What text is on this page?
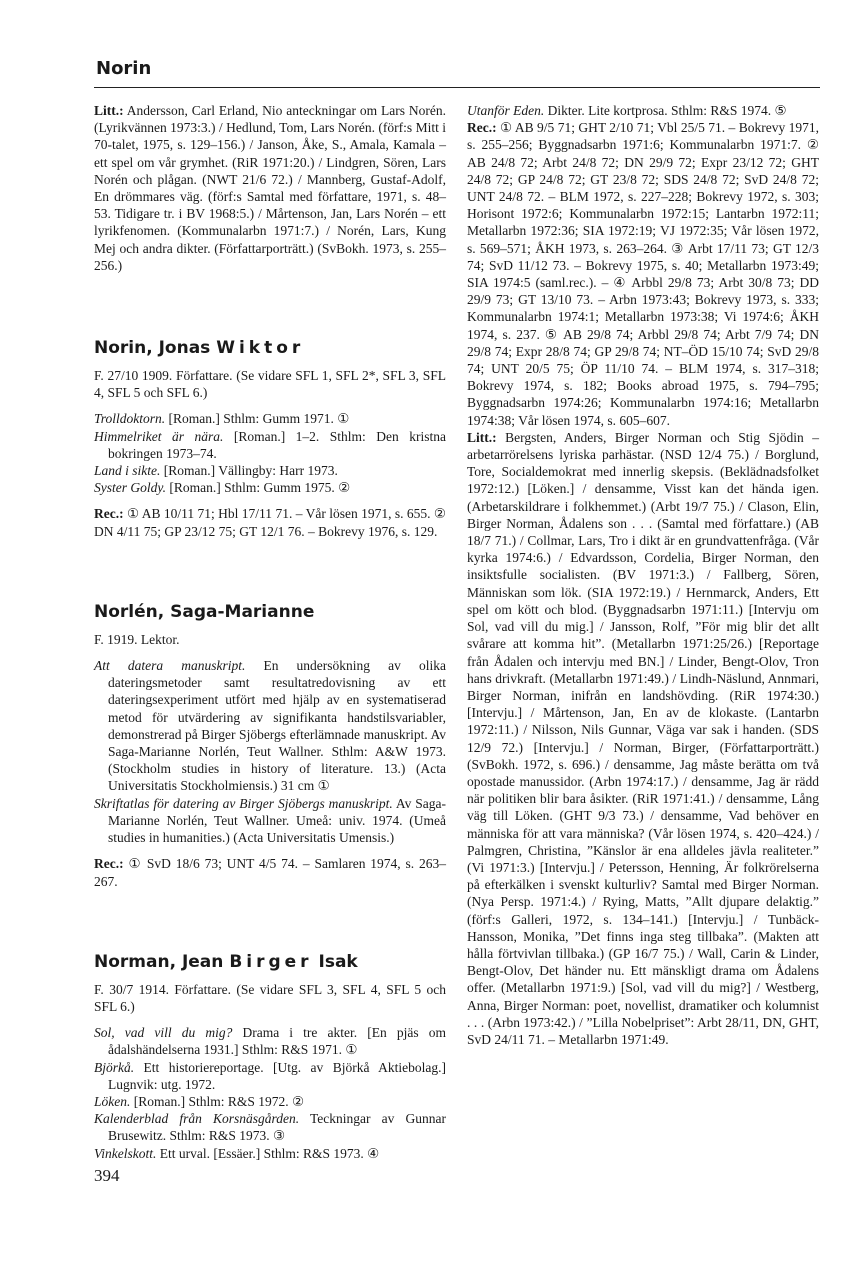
Norin

Litt.: Andersson, Carl Erland, Nio anteckningar om Lars Norén. (Lyrikvännen 1973:3.) / Hedlund, Tom, Lars Norén. (förf:s Mitt i 70-talet, 1975, s. 129–156.) / Janson, Åke, S., Amala, Kamala – ett spel om vår grymhet. (RiR 1971:20.) / Lindgren, Sören, Lars Norén och plågan. (NWT 21/6 72.) / Mannberg, Gustaf-Adolf, En drömmares väg. (förf:s Samtal med författare, 1971, s. 48–53. Tidigare tr. i BV 1968:5.) / Mårtenson, Jan, Lars Norén – ett lyrikfenomen. (Kommunalarbn 1971:7.) / Norén, Lars, Kung Mej och andra dikter. (Författarporträtt.) (SvBokh. 1973, s. 255–256.)

Norin, Jonas Wiktor

F. 27/10 1909. Författare. (Se vidare SFL 1, SFL 2*, SFL 3, SFL 4, SFL 5 och SFL 6.)

Trolldoktorn. [Roman.] Sthlm: Gumm 1971. ①

Himmelriket är nära. [Roman.] 1–2. Sthlm: Den kristna bokringen 1973–74.

Land i sikte. [Roman.] Vällingby: Harr 1973.

Syster Goldy. [Roman.] Sthlm: Gumm 1975. ②

Rec.: ① AB 10/11 71; Hbl 17/11 71. – Vår lösen 1971, s. 655. ② DN 4/11 75; GP 23/12 75; GT 12/1 76. – Bokrevy 1976, s. 129.

Norlén, Saga-Marianne

F. 1919. Lektor.

Att datera manuskript. En undersökning av olika dateringsmetoder samt resultatredovisning av ett dateringsexperiment utfört med hjälp av en systematiserad metod för utvärdering av signifikanta handstilsvariabler, demonstrerad på Birger Sjöbergs efterlämnade manuskript. Av Saga-Marianne Norlén, Teut Wallner. Sthlm: A&W 1973. (Stockholm studies in history of literature. 13.) (Acta Universitatis Stockholmiensis.) 31 cm ①

Skriftatlas för datering av Birger Sjöbergs manuskript. Av Saga-Marianne Norlén, Teut Wallner. Umeå: univ. 1974. (Umeå studies in humanities.) (Acta Universitatis Umensis.)

Rec.: ① SvD 18/6 73; UNT 4/5 74. – Samlaren 1974, s. 263–267.

Norman, Jean Birger Isak

F. 30/7 1914. Författare. (Se vidare SFL 3, SFL 4, SFL 5 och SFL 6.)

Sol, vad vill du mig? Drama i tre akter. [En pjäs om ådalshändelserna 1931.] Sthlm: R&S 1971. ①

Björkå. Ett historiereportage. [Utg. av Björkå Aktiebolag.] Lugnvik: utg. 1972.

Löken. [Roman.] Sthlm: R&S 1972. ②

Kalenderblad från Korsnäsgården. Teckningar av Gunnar Brusewitz. Sthlm: R&S 1973. ③

Vinkelskott. Ett urval. [Essäer.] Sthlm: R&S 1973. ④

Utanför Eden. Dikter. Lite kortprosa. Sthlm: R&S 1974. ⑤

Rec.: ① AB 9/5 71; GHT 2/10 71; Vbl 25/5 71. – Bokrevy 1971, s. 255–256; Byggnadsarbn 1971:6; Kommunalarbn 1971:7. ② AB 24/8 72; Arbt 24/8 72; DN 29/9 72; Expr 23/12 72; GHT 24/8 72; GP 24/8 72; GT 23/8 72; SDS 24/8 72; SvD 24/8 72; UNT 24/8 72. – BLM 1972, s. 227–228; Bokrevy 1972, s. 303; Horisont 1972:6; Kommunalarbn 1972:15; Lantarbn 1972:11; Metallarbn 1972:36; SIA 1972:19; VJ 1972:35; Vår lösen 1972, s. 569–571; ÅKH 1973, s. 263–264. ③ Arbt 17/11 73; GT 12/3 74; SvD 11/12 73. – Bokrevy 1975, s. 40; Metallarbn 1973:49; SIA 1974:5 (saml.rec.). – ④ Arbbl 29/8 73; Arbt 30/8 73; DD 29/9 73; GT 13/10 73. – Arbn 1973:43; Bokrevy 1973, s. 333; Kommunalarbn 1974:1; Metallarbn 1973:38; Vi 1974:6; ÅKH 1974, s. 237. ⑤ AB 29/8 74; Arbbl 29/8 74; Arbt 7/9 74; DN 29/8 74; Expr 28/8 74; GP 29/8 74; NT–ÖD 15/10 74; SvD 29/8 74; UNT 20/5 75; ÖP 11/10 74. – BLM 1974, s. 317–318; Bokrevy 1974, s. 182; Books abroad 1975, s. 794–795; Byggnadsarbn 1974:26; Kommunalarbn 1974:16; Metallarbn 1974:38; Vår lösen 1974, s. 605–607.

Litt.: Bergsten, Anders, Birger Norman och Stig Sjödin – arbetarrörelsens lyriska parhästar. (NSD 12/4 75.) / Borglund, Tore, Socialdemokrat med innerlig skepsis. (Beklädnadsfolket 1972:12.) [Löken.] / densamme, Visst kan det hända igen. (Arbetarskildrare i folkhemmet.) (Arbt 19/7 75.) / Clason, Elin, Birger Norman, Ådalens son . . . (Samtal med författare.) (AB 18/7 71.) / Collmar, Lars, Tro i dikt är en grundvattenfråga. (Vår kyrka 1974:6.) / Edvardsson, Cordelia, Birger Norman, den insiktsfulle socialisten. (BV 1971:3.) / Fallberg, Sören, Människan som lök. (SIA 1972:19.) / Hernmarck, Anders, Ett spel om kött och blod. (Byggnadsarbn 1971:11.) [Intervju om Sol, vad vill du mig.] / Jansson, Rolf, ”För mig blir det allt svårare att komma hit”. (Metallarbn 1971:25/26.) [Reportage från Ådalen och intervju med BN.] / Linder, Bengt-Olov, Tron hans drivkraft. (Metallarbn 1971:49.) / Lindh-Näslund, Annmari, Birger Norman, inifrån en landshövding. (RiR 1974:30.) [Intervju.] / Mårtenson, Jan, En av de klokaste. (Lantarbn 1972:11.) / Nilsson, Nils Gunnar, Väga var sak i handen. (SDS 12/9 72.) [Intervju.] / Norman, Birger, (Författarporträtt.) (SvBokh. 1972, s. 696.) / densamme, Jag måste berätta om två opostade manussidor. (Arbn 1974:17.) / densamme, Jag är rädd när politiken blir bara åsikter. (RiR 1971:41.) / densamme, Lång väg till Löken. (GHT 9/3 73.) / densamme, Vad behöver en människa för att vara människa? (Vår lösen 1974, s. 420–424.) / Palmgren, Christina, ”Känslor är ena alldeles jävla realiteter.” (Vi 1971:3.) [Intervju.] / Petersson, Henning, Är folkrörelserna på efterkälken i svenskt kulturliv? Samtal med Birger Norman. (Nya Persp. 1971:4.) / Rying, Matts, ”Allt djupare delaktig.” (förf:s Galleri, 1972, s. 134–141.) [Intervju.] / Tunbäck-Hansson, Monika, ”Det finns inga steg tillbaka”. (Makten att hålla förtvivlan tillbaka.) (GP 16/7 75.) / Wall, Carin & Linder, Bengt-Olov, Det händer nu. Ett mänskligt drama om Ådalens offer. (Metallarbn 1971:9.) [Sol, vad vill du mig?] / Westberg, Anna, Birger Norman: poet, novellist, dramatiker och kolumnist . . . (Arbn 1973:42.) / ”Lilla Nobelpriset”: Arbt 28/11, DN, GHT, SvD 24/11 71. – Metallarbn 1971:49.

394
